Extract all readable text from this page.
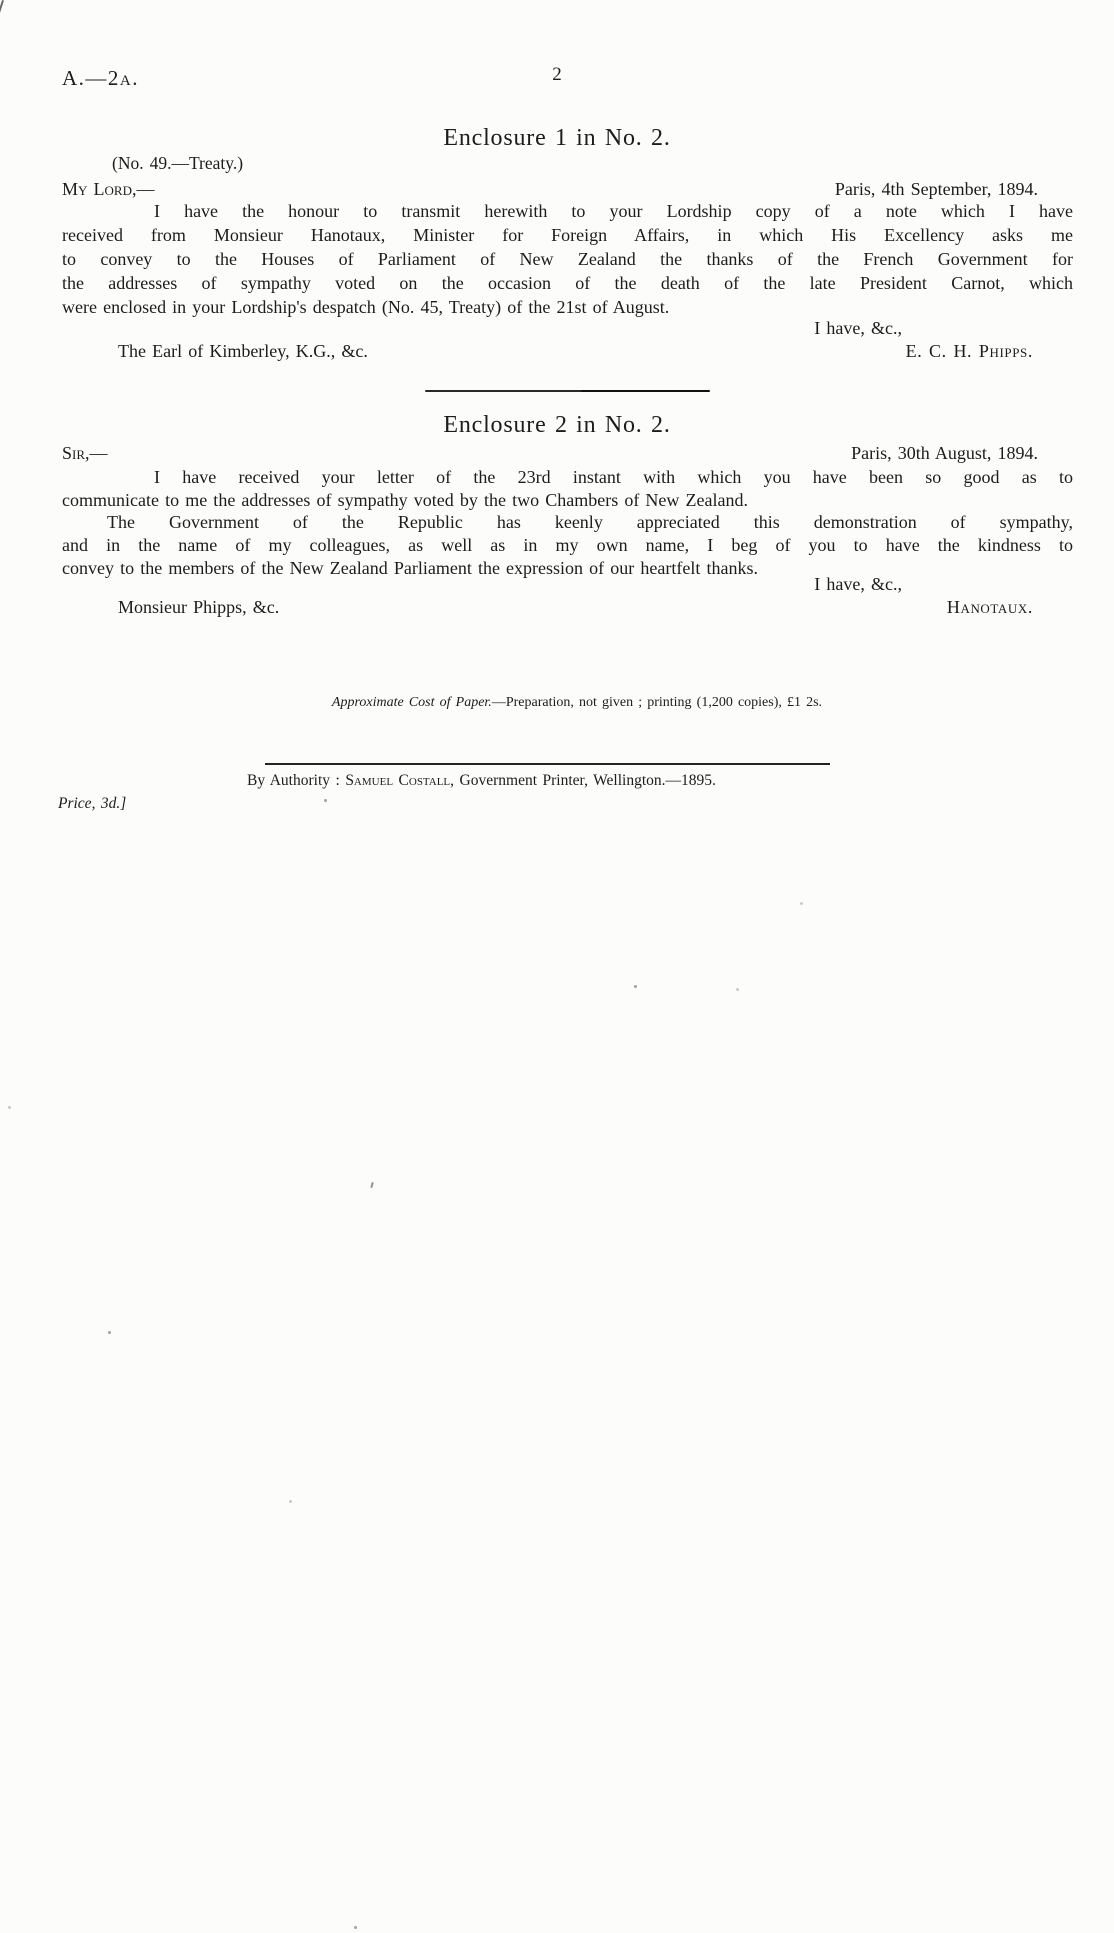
A.—2a.	2
Enclosure 1 in No. 2.
(No. 49.—Treaty.)
My Lord,—	Paris, 4th September, 1894.
I have the honour to transmit herewith to your Lordship copy of a note which I have
received from Monsieur Hanotaux, Minister for Foreign Affairs, in which His Excellency asks me
to convey to the Houses of Parliament of New Zealand the thanks of the French Government for
the addresses of sympathy voted on the occasion of the death of the late President Carnot, which
were enclosed in your Lordship's despatch (No. 45, Treaty) of the 21st of August.
I have, &c.,
The Earl of Kimberley, K.G., &c.	E. C. H. Phipps.
Enclosure 2 in No. 2.
Sir,—	Paris, 30th August, 1894.
I have received your letter of the 23rd instant with which you have been so good as to
communicate to me the addresses of sympathy voted by the two Chambers of New Zealand.
The Government of the Republic has keenly appreciated this demonstration of sympathy,
and in the name of my colleagues, as well as in my own name, I beg of you to have the kindness to
convey to the members of the New Zealand Parliament the expression of our heartfelt thanks.
I have, &c.,
Monsieur Phipps, &c.	Hanotaux.
Approximate Cost of Paper.—Preparation, not given ; printing (1,200 copies), £1 2s.
By Authority : Samuel Costall, Government Printer, Wellington.—1895.
Price, 3d.]
